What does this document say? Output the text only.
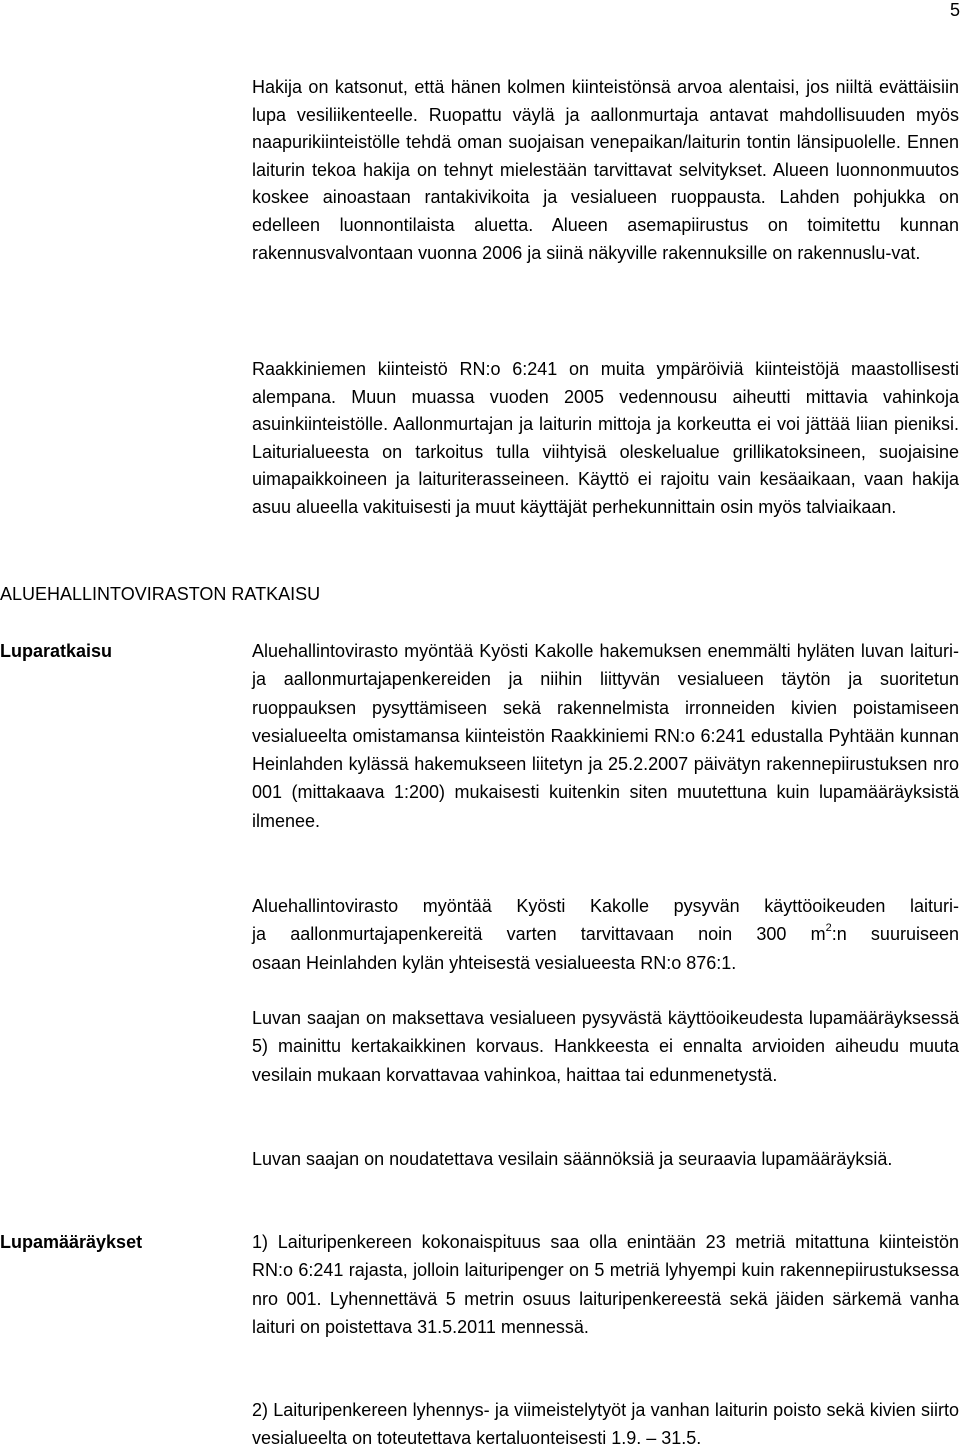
5

Hakija on katsonut, että hänen kolmen kiinteistönsä arvoa alentaisi, jos niiltä evättäisiin lupa vesiliikenteelle. Ruopattu väylä ja aallonmurtaja antavat mahdollisuuden myös naapurikiinteistölle tehdä oman suojaisan venepaikan/laiturin tontin länsipuolelle. Ennen laiturin tekoa hakija on tehnyt mielestään tarvittavat selvitykset. Alueen luonnonmuutos koskee ainoastaan rantakivikoita ja vesialueen ruoppausta. Lahden pohjukka on edelleen luonnontilaista aluetta. Alueen asemapiirustus on toimitettu kunnan rakennusvalvontaan vuonna 2006 ja siinä näkyville rakennuksille on rakennuslu-vat.

Raakkiniemen kiinteistö RN:o 6:241 on muita ympäröiviä kiinteistöjä maastollisesti alempana. Muun muassa vuoden 2005 vedennousu aiheutti mittavia vahinkoja asuinkiinteistölle. Aallonmurtajan ja laiturin mittoja ja korkeutta ei voi jättää liian pieniksi. Laiturialueesta on tarkoitus tulla viihtyisä oleskelualue grillikatoksineen, suojaisine uimapaikkoineen ja laituriterasseineen. Käyttö ei rajoitu vain kesäaikaan, vaan hakija asuu alueella vakituisesti ja muut käyttäjät perhekunnittain osin myös talviaikaan.

ALUEHALLINTOVIRASTON RATKAISU
Luparatkaisu	Aluehallintovirasto myöntää Kyösti Kakolle hakemuksen enemmälti hyläten luvan laituri- ja aallonmurtajapenkereiden ja niihin liittyvän vesialueen täytön ja suoritetun ruoppauksen pysyttämiseen sekä rakennelmista irronneiden kivien poistamiseen vesialueelta omistamansa kiinteistön Raakkiniemi RN:o 6:241 edustalla Pyhtään kunnan Heinlahden kylässä hakemukseen liitetyn ja 25.2.2007 päivätyn rakennepiirustuksen nro 001 (mittakaava 1:200) mukaisesti kuitenkin siten muutettuna kuin lupamääräyksistä ilmenee.

Aluehallintovirasto myöntää Kyösti Kakolle pysyvän käyttöoikeuden laituri-
ja aallonmurtajapenkereitä varten tarvittavaan noin 300 $m^2:n$ suuruiseen
osaan Heinlahden kylän yhteisestä vesialueesta RN:o 876:1.

Luvan saajan on maksettava vesialueen pysyvästä käyttöoikeudesta lupamääräyksessä 5) mainittu kertakaikkinen korvaus. Hankkeesta ei ennalta arvioiden aiheudu muuta vesilain mukaan korvattavaa vahinkoa, haittaa tai edunmenetystä.

Luvan saajan on noudatettava vesilain säännöksiä ja seuraavia lupamääräyksiä.

Lupamääräykset	1) Laituripenkereen kokonaispituus saa olla enintään 23 metriä mitattuna kiinteistön RN:o 6:241 rajasta, jolloin laituripenger on 5 metriä lyhyempi kuin rakennepiirustuksessa nro 001. Lyhennettävä 5 metrin osuus laituripenkereestä sekä jäiden särkemä vanha laituri on poistettava 31.5.2011 mennessä.

2) Laituripenkereen lyhennys- ja viimeistelytyöt ja vanhan laiturin poisto sekä kivien siirto vesialueelta on toteutettava kertaluonteisesti 1.9. – 31.5.
